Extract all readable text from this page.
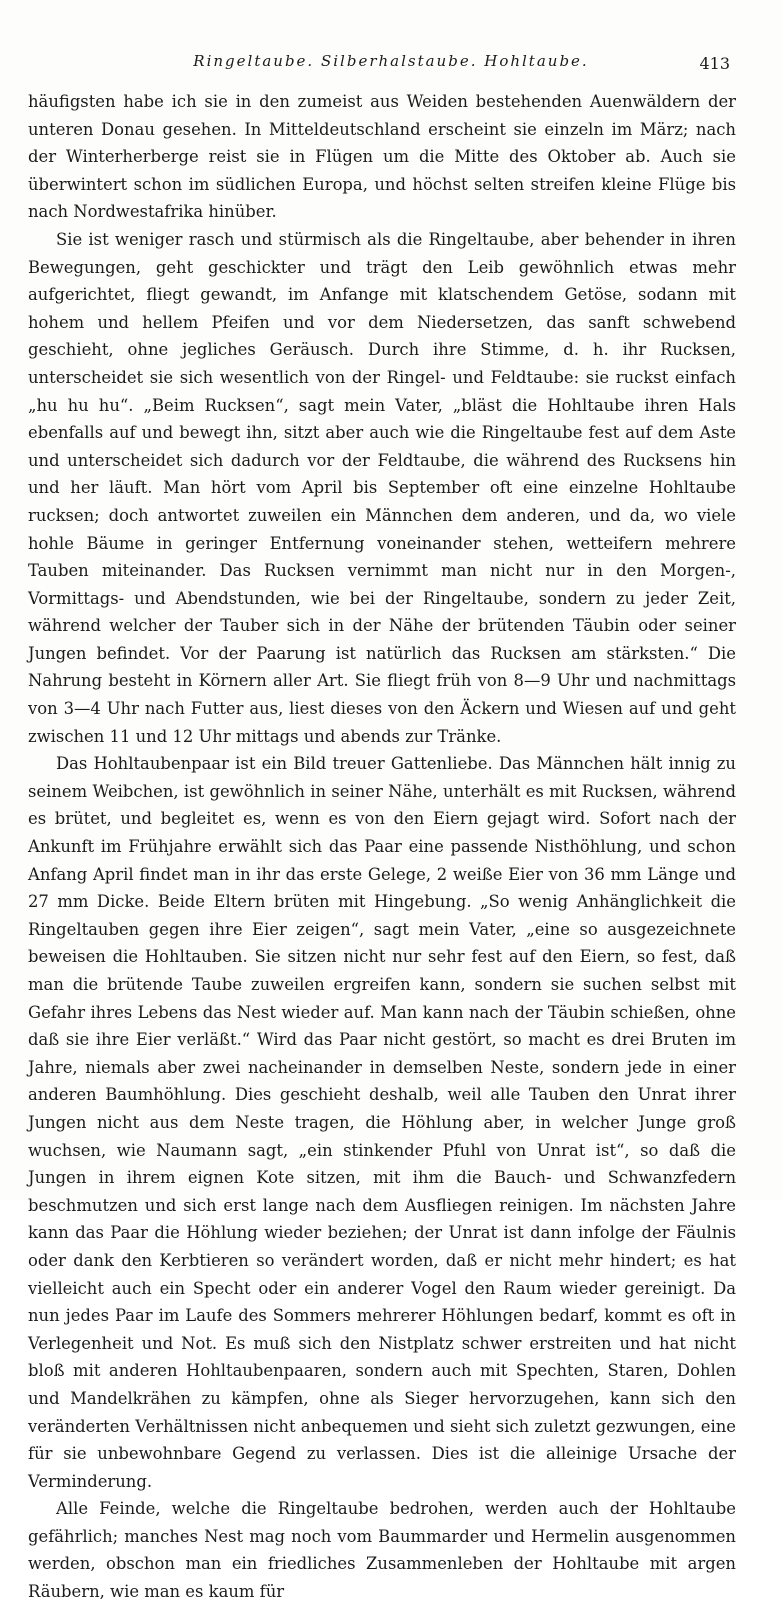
Ringeltaube. Silberhalstaube. Hohltaube.	413

häufigsten habe ich sie in den zumeist aus Weiden bestehenden Auenwäldern der unteren Donau gesehen. In Mitteldeutschland erscheint sie einzeln im März; nach der Winterherberge reist sie in Flügen um die Mitte des Oktober ab. Auch sie überwintert schon im südlichen Europa, und höchst selten streifen kleine Flüge bis nach Nordwestafrika hinüber.

Sie ist weniger rasch und stürmisch als die Ringeltaube, aber behender in ihren Bewegungen, geht geschickter und trägt den Leib gewöhnlich etwas mehr aufgerichtet, fliegt gewandt, im Anfange mit klatschendem Getöse, sodann mit hohem und hellem Pfeifen und vor dem Niedersetzen, das sanft schwebend geschieht, ohne jegliches Geräusch. Durch ihre Stimme, d. h. ihr Rucksen, unterscheidet sie sich wesentlich von der Ringel- und Feldtaube: sie ruckst einfach „hu hu hu“. „Beim Rucksen“, sagt mein Vater, „bläst die Hohltaube ihren Hals ebenfalls auf und bewegt ihn, sitzt aber auch wie die Ringeltaube fest auf dem Aste und unterscheidet sich dadurch vor der Feldtaube, die während des Rucksens hin und her läuft. Man hört vom April bis September oft eine einzelne Hohltaube rucksen; doch antwortet zuweilen ein Männchen dem anderen, und da, wo viele hohle Bäume in geringer Entfernung voneinander stehen, wetteifern mehrere Tauben miteinander. Das Rucksen vernimmt man nicht nur in den Morgen-, Vormittags- und Abendstunden, wie bei der Ringeltaube, sondern zu jeder Zeit, während welcher der Tauber sich in der Nähe der brütenden Täubin oder seiner Jungen befindet. Vor der Paarung ist natürlich das Rucksen am stärksten.“ Die Nahrung besteht in Körnern aller Art. Sie fliegt früh von 8—9 Uhr und nachmittags von 3—4 Uhr nach Futter aus, liest dieses von den Äckern und Wiesen auf und geht zwischen 11 und 12 Uhr mittags und abends zur Tränke.

Das Hohltaubenpaar ist ein Bild treuer Gattenliebe. Das Männchen hält innig zu seinem Weibchen, ist gewöhnlich in seiner Nähe, unterhält es mit Rucksen, während es brütet, und begleitet es, wenn es von den Eiern gejagt wird. Sofort nach der Ankunft im Frühjahre erwählt sich das Paar eine passende Nisthöhlung, und schon Anfang April findet man in ihr das erste Gelege, 2 weiße Eier von 36 mm Länge und 27 mm Dicke. Beide Eltern brüten mit Hingebung. „So wenig Anhänglichkeit die Ringeltauben gegen ihre Eier zeigen“, sagt mein Vater, „eine so ausgezeichnete beweisen die Hohltauben. Sie sitzen nicht nur sehr fest auf den Eiern, so fest, daß man die brütende Taube zuweilen ergreifen kann, sondern sie suchen selbst mit Gefahr ihres Lebens das Nest wieder auf. Man kann nach der Täubin schießen, ohne daß sie ihre Eier verläßt.“ Wird das Paar nicht gestört, so macht es drei Bruten im Jahre, niemals aber zwei nacheinander in demselben Neste, sondern jede in einer anderen Baumhöhlung. Dies geschieht deshalb, weil alle Tauben den Unrat ihrer Jungen nicht aus dem Neste tragen, die Höhlung aber, in welcher Junge groß wuchsen, wie Naumann sagt, „ein stinkender Pfuhl von Unrat ist“, so daß die Jungen in ihrem eignen Kote sitzen, mit ihm die Bauch- und Schwanzfedern beschmutzen und sich erst lange nach dem Ausfliegen reinigen. Im nächsten Jahre kann das Paar die Höhlung wieder beziehen; der Unrat ist dann infolge der Fäulnis oder dank den Kerbtieren so verändert worden, daß er nicht mehr hindert; es hat vielleicht auch ein Specht oder ein anderer Vogel den Raum wieder gereinigt. Da nun jedes Paar im Laufe des Sommers mehrerer Höhlungen bedarf, kommt es oft in Verlegenheit und Not. Es muß sich den Nistplatz schwer erstreiten und hat nicht bloß mit anderen Hohltaubenpaaren, sondern auch mit Spechten, Staren, Dohlen und Mandelkrähen zu kämpfen, ohne als Sieger hervorzugehen, kann sich den veränderten Verhältnissen nicht anbequemen und sieht sich zuletzt gezwungen, eine für sie unbewohnbare Gegend zu verlassen. Dies ist die alleinige Ursache der Verminderung.

Alle Feinde, welche die Ringeltaube bedrohen, werden auch der Hohltaube gefährlich; manches Nest mag noch vom Baummarder und Hermelin ausgenommen werden, obschon man ein friedliches Zusammenleben der Hohltaube mit argen Räubern, wie man es kaum für
